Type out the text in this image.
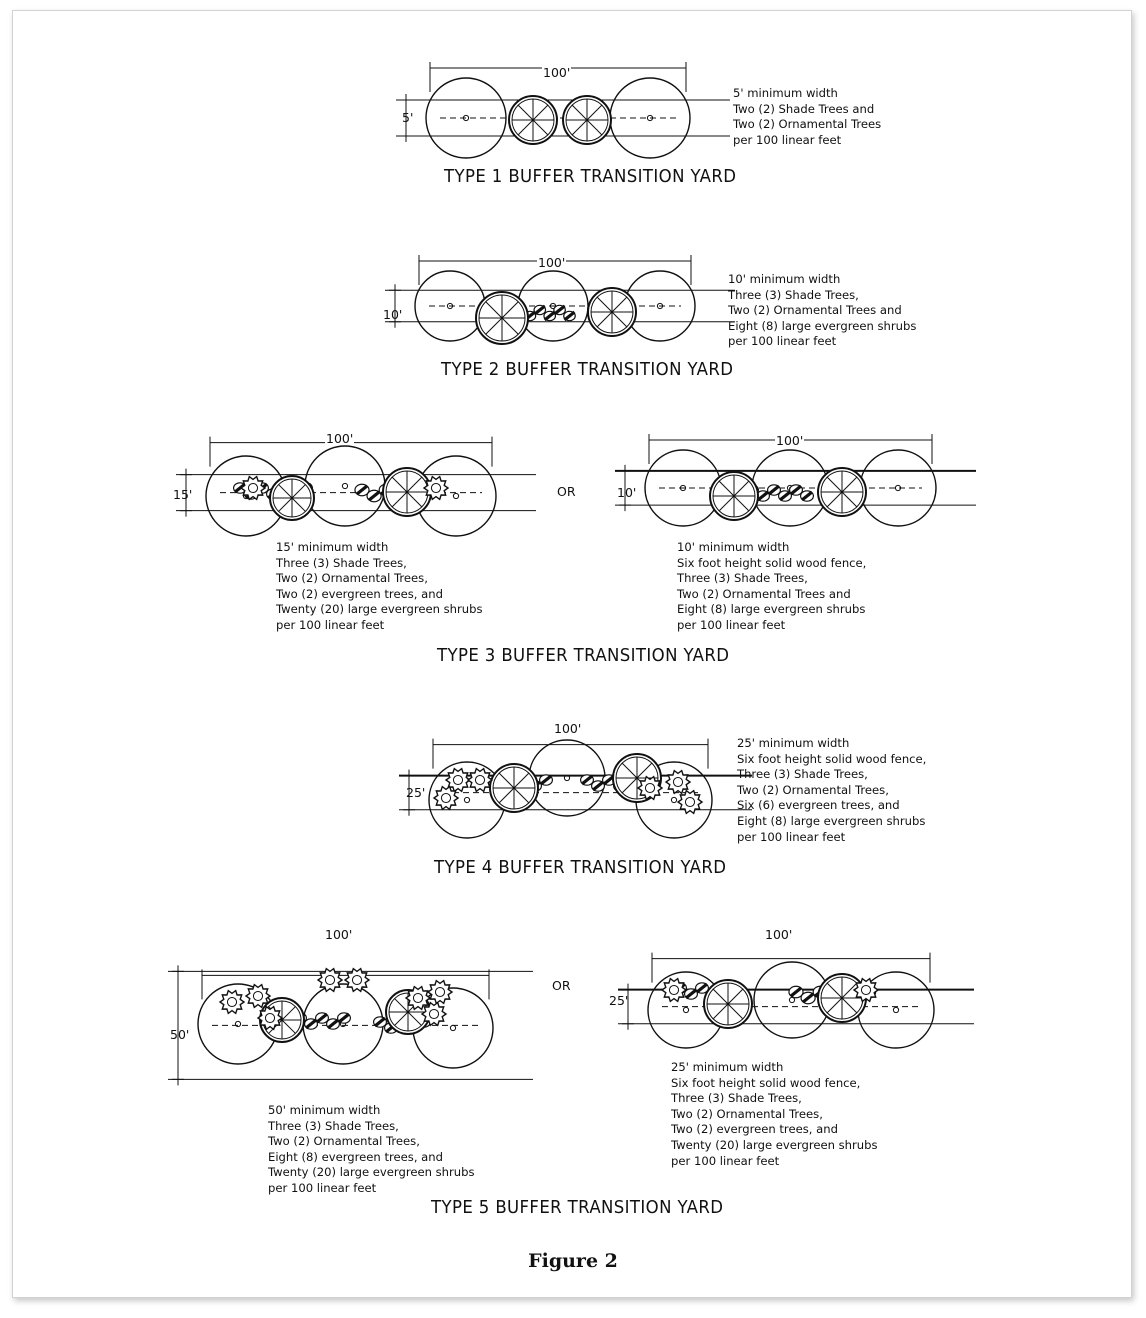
100'
5'
5' minimum width
Two (2) Shade Trees and
Two (2) Ornamental Trees
per 100 linear feet
TYPE 1 BUFFER TRANSITION YARD
100'
10'
10' minimum width
Three (3) Shade Trees,
Two (2) Ornamental Trees and
Eight (8) large evergreen shrubs
per 100 linear feet
TYPE 2 BUFFER TRANSITION YARD
100'
15'	OR
100'
10'
15' minimum width
Three (3) Shade Trees,
Two (2) Ornamental Trees,
Two (2) evergreen trees, and
Twenty (20) large evergreen shrubs
per 100 linear feet
10' minimum width
Six foot height solid wood fence,
Three (3) Shade Trees,
Two (2) Ornamental Trees and
Eight (8) large evergreen shrubs
per 100 linear feet
TYPE 3 BUFFER TRANSITION YARD
100'
25'
25' minimum width
Six foot height solid wood fence,
Three (3) Shade Trees,
Two (2) Ornamental Trees,
Six (6) evergreen trees, and
Eight (8) large evergreen shrubs
per 100 linear feet
TYPE 4 BUFFER TRANSITION YARD
100'
50'
OR
100'
25'
50' minimum width
Three (3) Shade Trees,
Two (2) Ornamental Trees,
Eight (8) evergreen trees, and
Twenty (20) large evergreen shrubs
per 100 linear feet
25' minimum width
Six foot height solid wood fence,
Three (3) Shade Trees,
Two (2) Ornamental Trees,
Two (2) evergreen trees, and
Twenty (20) large evergreen shrubs
per 100 linear feet
TYPE 5 BUFFER TRANSITION YARD
Figure 2
